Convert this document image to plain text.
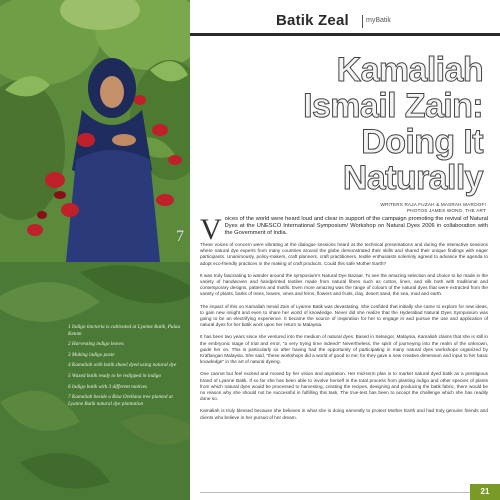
7
1 Indigo tinctoria is cultivated at Lyanne Batik, Pulau Ketam
2 Harvesting indigo leaves
3 Making indigo paste
4 Kamaliah with batik shawl dyed using natural dye
5 Waxed batik ready to be redipped in indigo
6 Indigo batik with 3 different motives
7 Kamaliah beside a Bixa Orellana tree planted at Lyanne Batik natural dye plantation
Batik Zeal myBatik
Kamaliah
Ismail Zain:
Doing It
Naturally
WRITERS RAJA FUZAH & MASRAH MAROOFI
PHOTOS JAMES WONG, THE ART

Voices of the world were heard loud and clear in support of the campaign promoting the revival of Natural Dyes at the UNESCO International Symposium/ Workshop on Natural Dyes 2006 in collaboration with the Government of India.

These voices of concern were vibrating at the dialogue sessions heard at the technical presentations and during the interactive sessions where natural dye experts from many countries around the globe demonstrated their skills and shared their unique findings with eager participants. Unanimously, policy-makers, craft planners, craft practitioners, textile enthusiasts solemnly agreed to advance the agenda to adopt eco-friendly practices in the making of craft products. Could this safe Mother Earth?

It was truly fascinating to wander around the symposium's Natural Dye Bazaar. To see the amazing selection and choice to be made in the variety of handwoven and handprinted textiles made from natural fibres such as cotton, linen, and silk both with traditional and contemporary designs, patterns and motifs. Even more amazing was the range of colours of the natural dyes that were extracted from the variety of plants, barks of trees, leaves, vines and ferns, flowers and fruits, clay, desert sand, the sea, mud and earth.

The impact of this on Kamaliah Ismail Zain of Lyanne Batik was devastating. She confided that initially she came to explore for new ideas, to gain new insight and even to share her world of knowledge. Never did she realize that the Hyderabad Natural Dyes Symposium was going to be an electrifying experience. It became the source of inspiration for her to engage in and pursue the use and application of natural dyes for her batik work upon her return to Malaysia.

It has been two years since she ventured into the medium of natural dyes. Based in Selangor, Malaysia, Kamaliah claims that she is still in the embryonic stage of trial and error, "a very trying time indeed!" Nevertheless, the spirit of journeying into the realm of the unknown, guide her on. This is particularly so after having had the opportunity of participating in many natural dyes workshops organized by Kraftangan Malaysia. She said, "these workshops did a world of good to me; for they gave a new creative dimension and input to her basic knowledge" in the art of natural dyeing.

One cannot but feel excited and moved by her vision and aspiration. Her mid-term plan is to market natural dyed batik as a prestigious brand of Lyanne Batik. If so far she has been able to involve herself in the total process from planting indigo and other species of plants from which natural dyes would be processed to harvesting, creating the recipes, designing and producing the batik fabric, there would be no reason why she should not be successful in fulfilling this task. The true-test has been to accept the challenge which she has readily done so.

Kamaliah is truly blessed because she believes in what she is doing earnestly to protect Mother Earth and had truly genuine friends and clients who believe in her pursuit of her dream.

21
